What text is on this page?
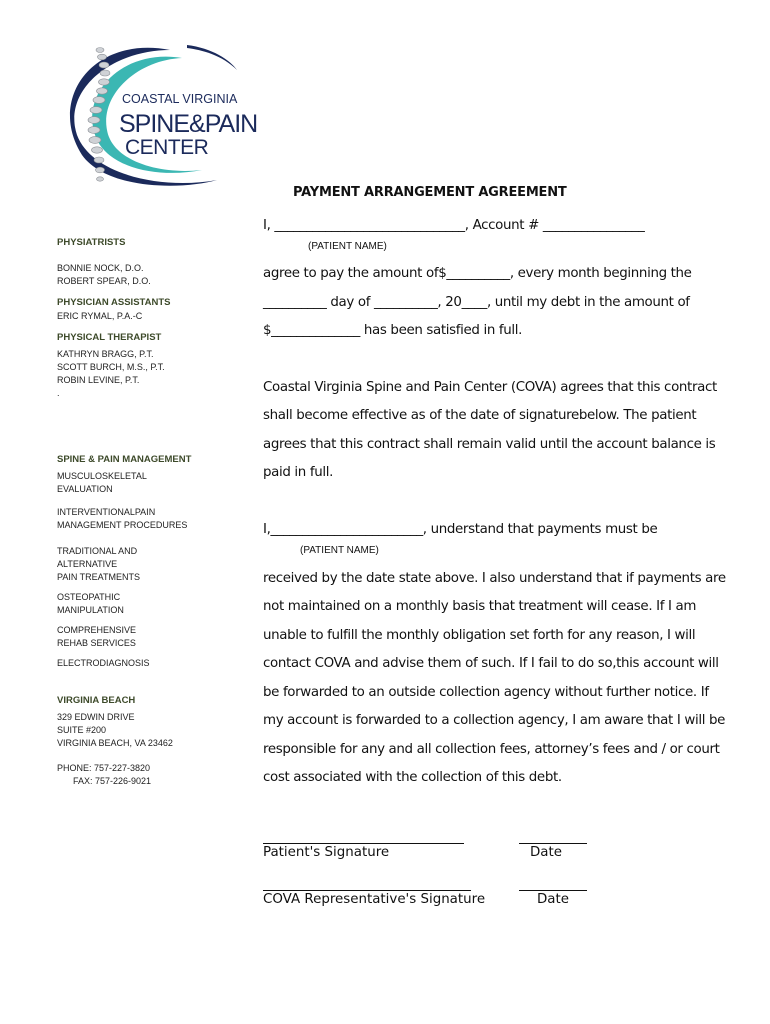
COASTAL VIRGINIA
SPINE&PAIN
CENTER
PAYMENT ARRANGEMENT AGREEMENT
PHYSIATRISTS
BONNIE NOCK, D.O.
ROBERT SPEAR, D.O.
PHYSICIAN ASSISTANTS
ERIC RYMAL, P.A.-C
PHYSICAL THERAPIST
KATHRYN BRAGG, P.T.
SCOTT BURCH, M.S., P.T.
ROBIN LEVINE, P.T.
.
SPINE & PAIN MANAGEMENT
MUSCULOSKELETAL
EVALUATION
INTERVENTIONALPAIN
MANAGEMENT PROCEDURES
TRADITIONAL AND
ALTERNATIVE
PAIN TREATMENTS
OSTEOPATHIC
MANIPULATION
COMPREHENSIVE
REHAB SERVICES
ELECTRODIAGNOSIS
VIRGINIA BEACH
329 EDWIN DRIVE
SUITE #200
VIRGINIA BEACH, VA 23462
PHONE: 757-227-3820
FAX: 757-226-9021
I, ______________________________, Account # ________________
(PATIENT NAME)
agree to pay the amount of$__________, every month beginning the
__________ day of __________, 20____, until my debt in the amount of
$______________ has been satisfied in full.
Coastal Virginia Spine and Pain Center (COVA) agrees that this contract
shall become effective as of the date of signaturebelow. The patient
agrees that this contract shall remain valid until the account balance is
paid in full.
I,________________________, understand that payments must be
(PATIENT NAME)
received by the date state above. I also understand that if payments are
not maintained on a monthly basis that treatment will cease. If I am
unable to fulfill the monthly obligation set forth for any reason, I will
contact COVA and advise them of such. If I fail to do so,this account will
be forwarded to an outside collection agency without further notice. If
my account is forwarded to a collection agency, I am aware that I will be
responsible for any and all collection fees, attorney’s fees and / or court
cost associated with the collection of this debt.
Patient's Signature	Date
COVA Representative's Signature	Date
